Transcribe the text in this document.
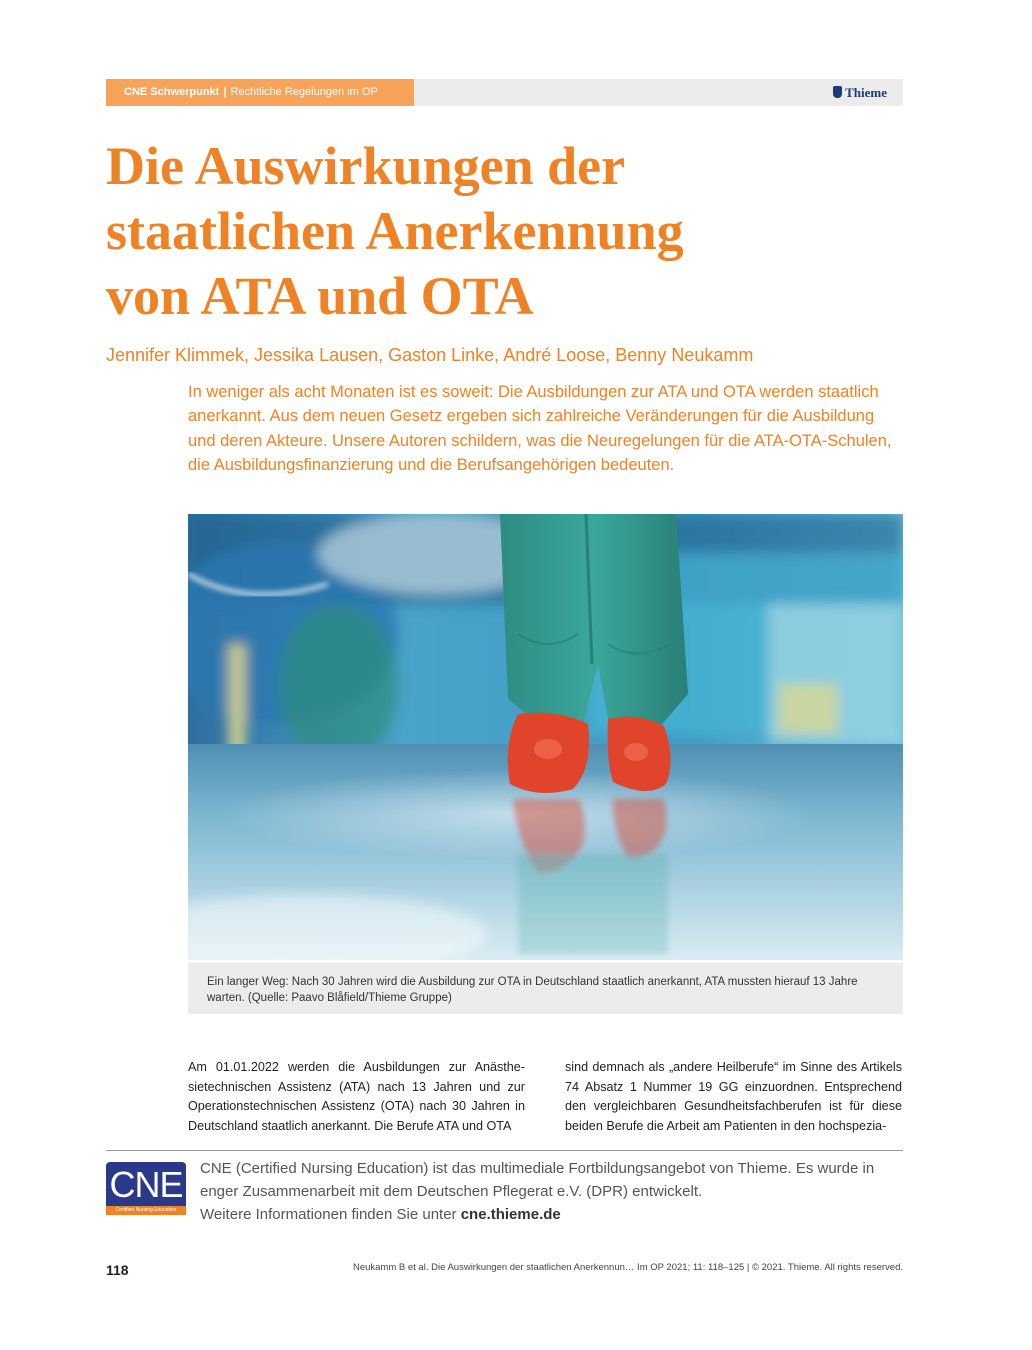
CNE Schwerpunkt | Rechtliche Regelungen im OP	Thieme
Die Auswirkungen der
staatlichen Anerkennung
von ATA und OTA

Jennifer Klimmek, Jessika Lausen, Gaston Linke, André Loose, Benny Neukamm

In weniger als acht Monaten ist es soweit: Die Ausbildungen zur ATA und OTA werden staatlich anerkannt. Aus dem neuen Gesetz ergeben sich zahlreiche Veränderungen für die Ausbildung und deren Akteure. Unsere Autoren schildern, was die Neuregelungen für die ATA-OTA-Schulen, die Ausbildungsfinanzierung und die Berufsangehörigen bedeuten.

Ein langer Weg: Nach 30 Jahren wird die Ausbildung zur OTA in Deutschland staatlich anerkannt, ATA mussten hierauf 13 Jahre warten. (Quelle: Paavo Blåfield/Thieme Gruppe)

Am 01.01.2022 werden die Ausbildungen zur Anästhesietechnischen Assistenz (ATA) nach 13 Jahren und zur Operationstechnischen Assistenz (OTA) nach 30 Jahren in Deutschland staatlich anerkannt. Die Berufe ATA und OTA

sind demnach als „andere Heilberufe“ im Sinne des Artikels 74 Absatz 1 Nummer 19 GG einzuordnen. Entsprechend den vergleichbaren Gesundheitsfachberufen ist für diese beiden Berufe die Arbeit am Patienten in den hochspezia-

CNE
Certified Nursing Education

CNE (Certified Nursing Education) ist das multimediale Fortbildungsangebot von Thieme. Es wurde in enger Zusammenarbeit mit dem Deutschen Pflegerat e.V. (DPR) entwickelt.
Weitere Informationen finden Sie unter cne.thieme.de

118	Neukamm B et al. Die Auswirkungen der staatlichen Anerkennun… Im OP 2021; 11: 118–125 | © 2021. Thieme. All rights reserved.
